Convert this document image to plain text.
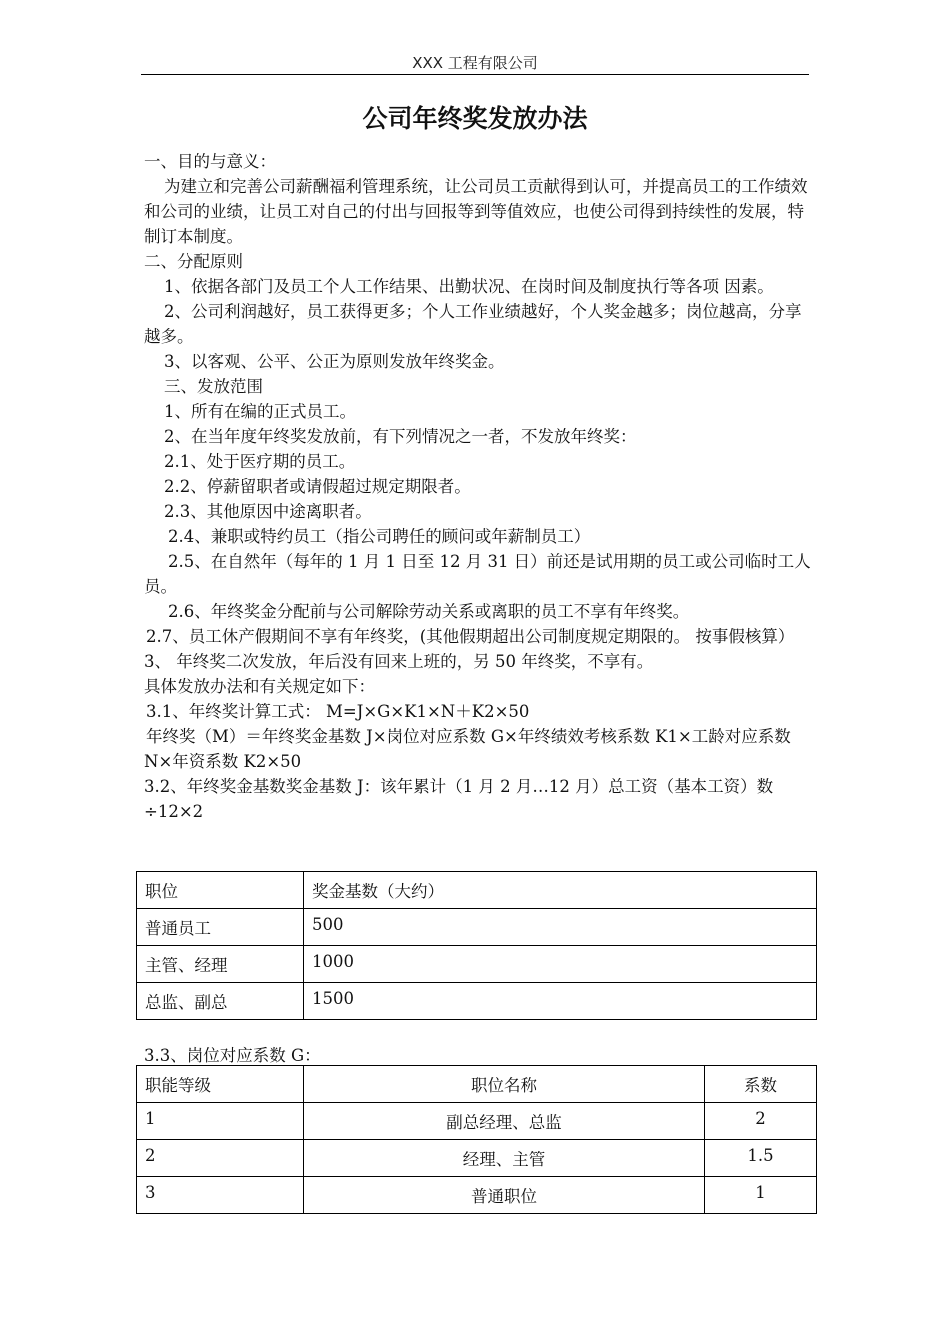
XXX 工程有限公司
公司年终奖发放办法

一、目的与意义：

为建立和完善公司薪酬福利管理系统，让公司员工贡献得到认可，并提高员工的工作绩效和公司的业绩，让员工对自己的付出与回报等到等值效应，也使公司得到持续性的发展，特制订本制度。

二、分配原则

1、依据各部门及员工个人工作结果、出勤状况、在岗时间及制度执行等各项 因素。

2、公司利润越好，员工获得更多；个人工作业绩越好，个人奖金越多；岗位越高，分享越多。

3、以客观、公平、公正为原则发放年终奖金。

三、发放范围

1、所有在编的正式员工。

2、在当年度年终奖发放前，有下列情况之一者，不发放年终奖：

2.1、处于医疗期的员工。

2.2、停薪留职者或请假超过规定期限者。

2.3、其他原因中途离职者。

2.4、兼职或特约员工（指公司聘任的顾问或年薪制员工）

2.5、在自然年（每年的 1 月 1 日至 12 月 31 日）前还是试用期的员工或公司临时工人员。

2.6、年终奖金分配前与公司解除劳动关系或离职的员工不享有年终奖。

2.7、员工休产假期间不享有年终奖，(其他假期超出公司制度规定期限的。 按事假核算）

3、 年终奖二次发放，年后没有回来上班的，另 50 年终奖，不享有。

具体发放办法和有关规定如下：

3.1、年终奖计算工式： M=J×G×K1×N＋K2×50

年终奖（M）＝年终奖金基数 J×岗位对应系数 G×年终绩效考核系数 K1×工龄对应系数 N×年资系数 K2×50

3.2、年终奖金基数奖金基数 J：该年累计（1 月 2 月…12 月）总工资（基本工资）数÷12×2

职位	奖金基数（大约）
普通员工	500
主管、经理	1000
总监、副总	1500
3.3、岗位对应系数 G：
职能等级	职位名称	系数
1	副总经理、总监	2
2	经理、主管	1.5
3	普通职位	1
